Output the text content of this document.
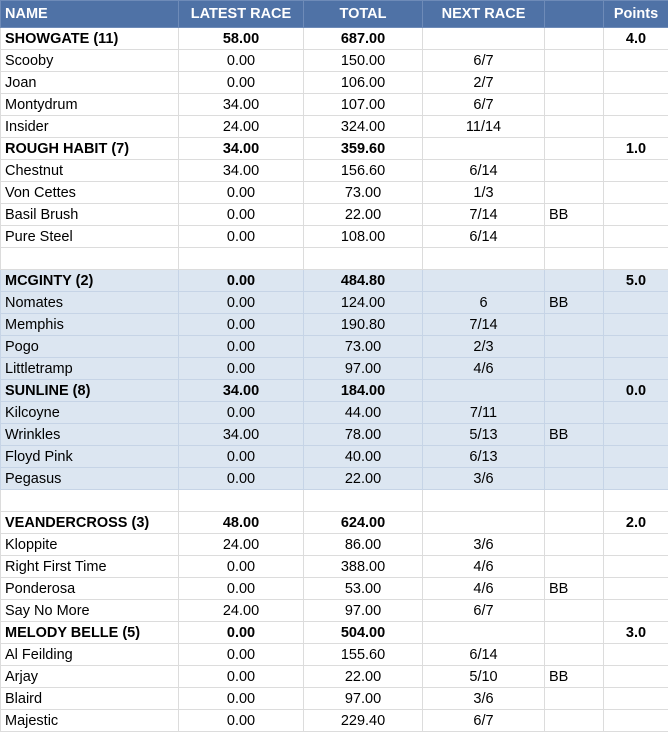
NAME	LATEST RACE	TOTAL	NEXT RACE		Points
SHOWGATE (11)	58.00	687.00			4.0
Scooby	0.00	150.00	6/7		
Joan	0.00	106.00	2/7		
Montydrum	34.00	107.00	6/7		
Insider	24.00	324.00	11/14		
ROUGH HABIT (7)	34.00	359.60			1.0
Chestnut	34.00	156.60	6/14		
Von Cettes	0.00	73.00	1/3		
Basil Brush	0.00	22.00	7/14	BB	
Pure Steel	0.00	108.00	6/14		

MCGINTY (2)	0.00	484.80			5.0
Nomates	0.00	124.00	6	BB	
Memphis	0.00	190.80	7/14		
Pogo	0.00	73.00	2/3		
Littletramp	0.00	97.00	4/6		
SUNLINE (8)	34.00	184.00			0.0
Kilcoyne	0.00	44.00	7/11		
Wrinkles	34.00	78.00	5/13	BB	
Floyd Pink	0.00	40.00	6/13		
Pegasus	0.00	22.00	3/6		

VEANDERCROSS (3)	48.00	624.00			2.0
Kloppite	24.00	86.00	3/6		
Right First Time	0.00	388.00	4/6		
Ponderosa	0.00	53.00	4/6	BB	
Say No More	24.00	97.00	6/7		
MELODY BELLE (5)	0.00	504.00			3.0
Al Feilding	0.00	155.60	6/14		
Arjay	0.00	22.00	5/10	BB	
Blaird	0.00	97.00	3/6		
Majestic	0.00	229.40	6/7		
